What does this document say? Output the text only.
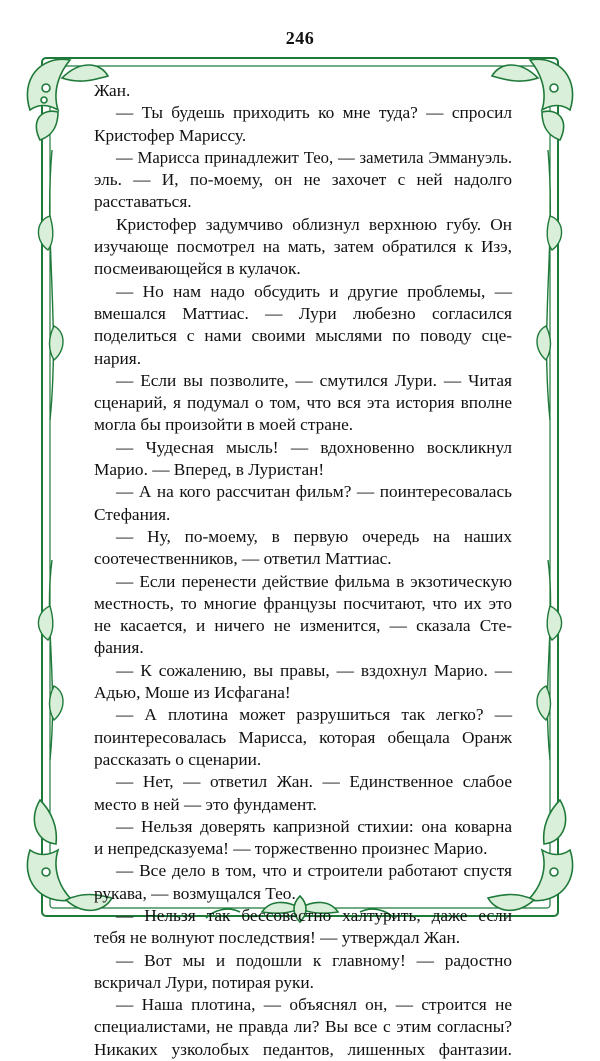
246
Жан.
— Ты будешь приходить ко мне туда? — спросил
Кристофер Мариссу.
— Марисса принадлежит Тео, — заметила Эммануэль.
эль. — И, по-моему, он не захочет с ней надолго
расставаться.
Кристофер задумчиво облизнул верхнюю губу. Он
изучающе посмотрел на мать, затем обратился к Изэ,
посмеивающейся в кулачок.
— Но нам надо обсудить и другие проблемы, —
вмешался Маттиас. — Лури любезно согласился
поделиться с нами своими мыслями по поводу сце-
нария.
— Если вы позволите, — смутился Лури. — Читая
сценарий, я подумал о том, что вся эта история вполне
могла бы произойти в моей стране.
— Чудесная мысль! — вдохновенно воскликнул
Марио. — Вперед, в Луристан!
— А на кого рассчитан фильм? — поинтересовалась
Стефания.
— Ну, по-моему, в первую очередь на наших
соотечественников, — ответил Маттиас.
— Если перенести действие фильма в экзотическую
местность, то многие французы посчитают, что их это
не касается, и ничего не изменится, — сказала Сте-
фания.
— К сожалению, вы правы, — вздохнул Марио. —
Адью, Моше из Исфагана!
— А плотина может разрушиться так легко? —
поинтересовалась Марисса, которая обещала Оранж
рассказать о сценарии.
— Нет, — ответил Жан. — Единственное слабое
место в ней — это фундамент.
— Нельзя доверять капризной стихии: она коварна
и непредсказуема! — торжественно произнес Марио.
— Все дело в том, что и строители работают спустя
рукава, — возмущался Тео.
— Нельзя так бессовестно халтурить, даже если
тебя не волнуют последствия! — утверждал Жан.
— Вот мы и подошли к главному! — радостно
вскричал Лури, потирая руки.
— Наша плотина, — объяснял он, — строится не
специалистами, не правда ли? Вы все с этим согласны?
Никаких узколобых педантов, лишенных фантазии.
